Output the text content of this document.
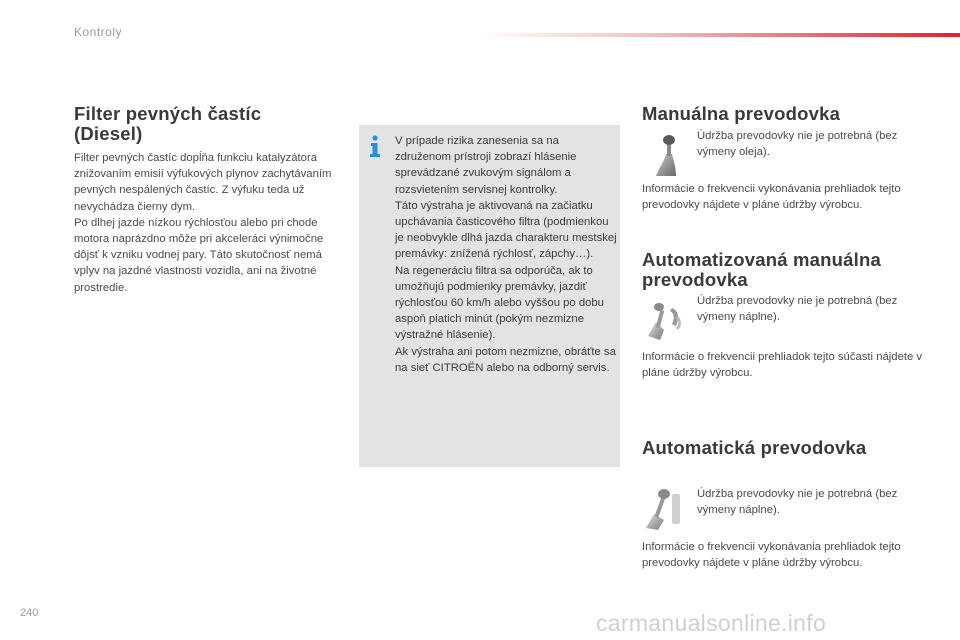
Kontroly
Filter pevných častíc (Diesel)

Filter pevných častíc dopĺňa funkciu katalyzátora znižovaním emisií výfukových plynov zachytávaním pevných nespálených častíc. Z výfuku teda už nevychádza čierny dym.

Po dlhej jazde nízkou rýchlosťou alebo pri chode motora naprázdno môže pri akceleráci výnimočne dôjsť k vzniku vodnej pary. Táto skutočnosť nemá vplyv na jazdné vlastnosti vozidla, ani na životné prostredie.

V prípade rizika zanesenia sa na združenom prístroji zobrazí hlásenie sprevádzané zvukovým signálom a rozsvietením servisnej kontrolky.

Táto výstraha je aktivovaná na začiatku upchávania časticového filtra (podmienkou je neobvykle dlhá jazda charakteru mestskej premávky: znížená rýchlosť, zápchy…).

Na regeneráciu filtra sa odporúča, ak to umožňujú podmienky premávky, jazdiť rýchlosťou 60 km/h alebo vyššou po dobu aspoň piatich minút (pokým nezmizne výstražné hlásenie).

Ak výstraha ani potom nezmizne, obráťte sa na sieť CITROËN alebo na odborný servis.

Manuálna prevodovka
Údržba prevodovky nie je potrebná (bez výmeny oleja).
Informácie o frekvencii vykonávania prehliadok tejto prevodovky nájdete v pláne údržby výrobcu.
Automatizovaná manuálna prevodovka
Údržba prevodovky nie je potrebná (bez výmeny náplne).
Informácie o frekvencii prehliadok tejto súčasti nájdete v pláne údržby výrobcu.
Automatická prevodovka
Údržba prevodovky nie je potrebná (bez výmeny náplne).
Informácie o frekvencii vykonávania prehliadok tejto prevodovky nájdete v pláne údržby výrobcu.
240	carmanualsonline.info
